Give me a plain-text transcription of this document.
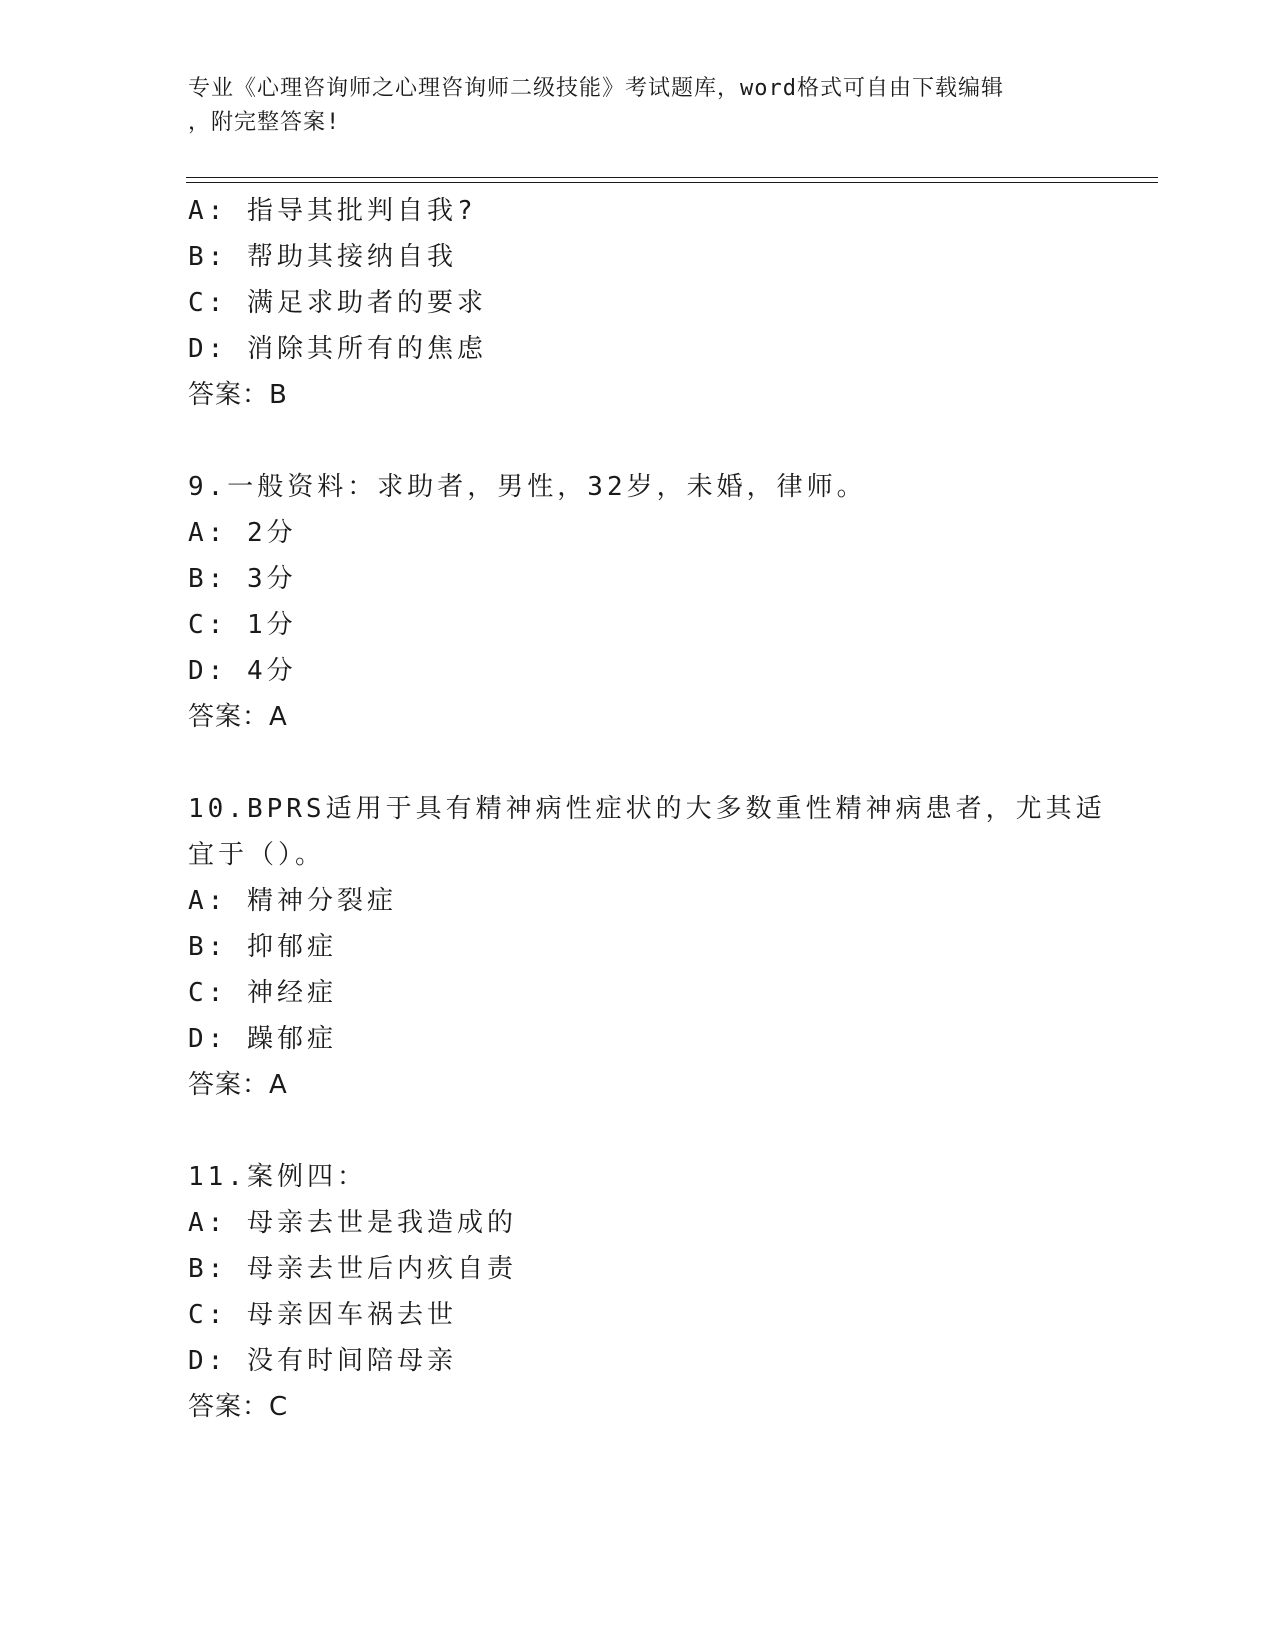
专业《心理咨询师之心理咨询师二级技能》考试题库，word格式可自由下载编辑
，附完整答案!

A: 指导其批判自我?

B: 帮助其接纳自我

C: 满足求助者的要求

D: 消除其所有的焦虑

答案：B

9.一般资料：求助者，男性，32岁，未婚，律师。

A: 2分

B: 3分

C: 1分

D: 4分

答案：A

10.BPRS适用于具有精神病性症状的大多数重性精神病患者，尤其适宜于（）。

A: 精神分裂症

B: 抑郁症

C: 神经症

D: 躁郁症

答案：A

11.案例四：

A: 母亲去世是我造成的

B: 母亲去世后内疚自责

C: 母亲因车祸去世

D: 没有时间陪母亲

答案：C
